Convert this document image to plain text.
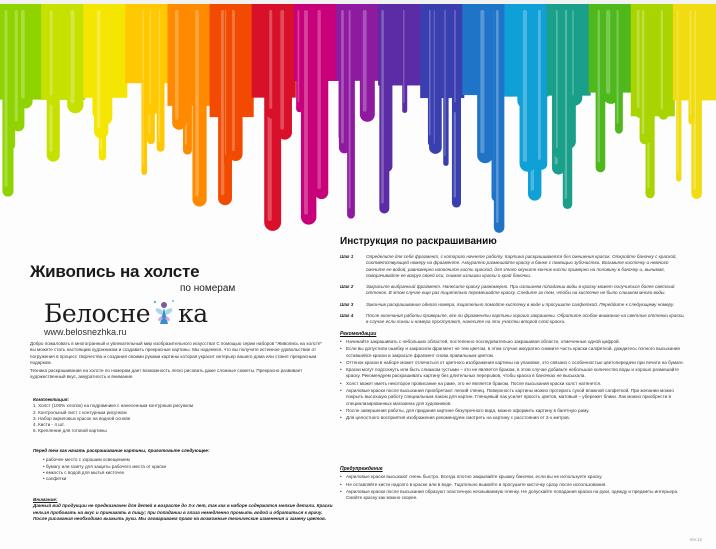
Живопись на холсте
по номерам
Белосне ка
www.belosnezhka.ru

Добро пожаловать в многогранный и увлекательный мир изобразительного искусства! С помощью серии наборов "Живопись на холсте" вы можете стать настоящим художником и создавать прекрасные картины. Мы надеемся, что вы получите истинное удовольствие от погружения в процесс творчества и создания своими руками картины которая украсит интерьер вашего дома или станет прекрасным подарком.

Техника раскрашивания на холсте по номерам дает возможность легко рисовать даже сложные сюжеты. Прекрасно развивает художественный вкус, аккуратность и внимание.

Комплектация:
1. Холст (100% хлопок) на подрамнике с нанесенным контурным рисунком
2. Контрольный лист с контурным рисунком
3. Набор акриловых красок на водной основе
4. Кисти - 4 шт.
5. Крепление для готовой картины
Перед тем как начать раскрашивание картины, приготовьте следующее:
• рабочее место с хорошим освещением
• бумагу или газету для защиты рабочего места от краски
• емкость с водой для мытья кисточек
• салфетки
Внимание:
Данный вид продукции не предназначен для детей в возрасте до 3-х лет, так как в наборе содержатся мелкие детали. Краски нельзя пробовать на вкус и принимать в пищу; при попадании в глаза немедленно промыть водой и обратиться к врачу. После рисования необходимо вымыть руки. Мы оговариваем право на возможные технические изменения и замену цветов.
Инструкция по раскрашиванию
Шаг 1	Определите для себя фрагмент, с которого начнете работу. Картина раскрашивается без смешения красок. Откройте баночку с краской, соответствующей номеру на фрагменте. Аккуратно размешайте краску в банке с помощью зубочистки. Возьмите кисточку и немного смочите ее водой, равномерно наполните кисть краской, для этого окуните кончик кисти примерно на половину в баночку и, вынимая, поворачивайте ее вокруг своей оси, снимая излишки краски о край баночки.
Шаг 2	Закрасьте выбранный фрагмент. Нанесите краску равномерно. При излишнем попадании воды в краску может получиться более светлый оттенок. В этом случае еще раз тщательно перемешайте краску. Следите за тем, чтобы на кисточке не было слишком много воды.
Шаг 3	Закончив раскрашивание одного номера, тщательно помойте кисточку в воде и просушите салфеткой. Перейдите к следующему номеру.
Шаг 4	После окончания работы проверьте, все ли фрагменты картины хорошо закрашены. Обратите особое внимание на светлые оттенки краски, в случае если линии и номера проступают, нанесите на эти участки второй слой краски.
Рекомендации
• Начинайте закрашивать с небольших областей, постепенно последовательно закрашивая области, отмеченные одной цифрой.
• Если вы допустили ошибку и закрасили фрагмент не тем цветом, в этом случае аккуратно снимите часть краски салфеткой, дождитесь полного высыхания оставшейся краски и закрасьте фрагмент снова правильным цветом.
• Оттенок краски в наборе может отличаться от цветного изображения картины на упаковке, это связано с особенностью цветопередачи при печати на бумаге.
• Краски могут подсохнуть или быть слишком густыми – это не является браком, в этом случае добавьте небольшое количество воды и хорошо размешайте краску. Рекомендуем раскрашивать картину без длительных перерывов, чтобы краска в баночках не высыхала.
• Холст может иметь некоторое провисание на раме, это не является браком. После высыхания краски холст натянется.
• Акриловые краски после высыхания приобретают легкий глянец. Поверхность картины можно протирать сухой влажной салфеткой. При желании можно покрыть высохшую работу специальным лаком для картин. Глянцевый лак усилит яркость цветов, матовый – убережет блики. Лак можно приобрести в специализированных магазинах для художников.
• После завершения работы, для придания картине безупречного вида, можно оформить картину в багетную раму.
• Для целостного восприятия изображения рекомендуем смотреть на картину с расстояния от 2-х метров.
Предупреждение
• Акриловые краски высыхают очень быстро. Всегда плотно закрывайте крышку баночки, если вы не используете краску.
• Не оставляйте кисти надолго в краске или в воде. Тщательно вымойте и просушите кисточку сразу после использования.
• Акриловые краски после высыхания образуют эластичную несмываемую пленку. Не допускайте попадания краски на руки, одежду и предметы интерьера. Смойте краску как можно скорее.
rev.12
